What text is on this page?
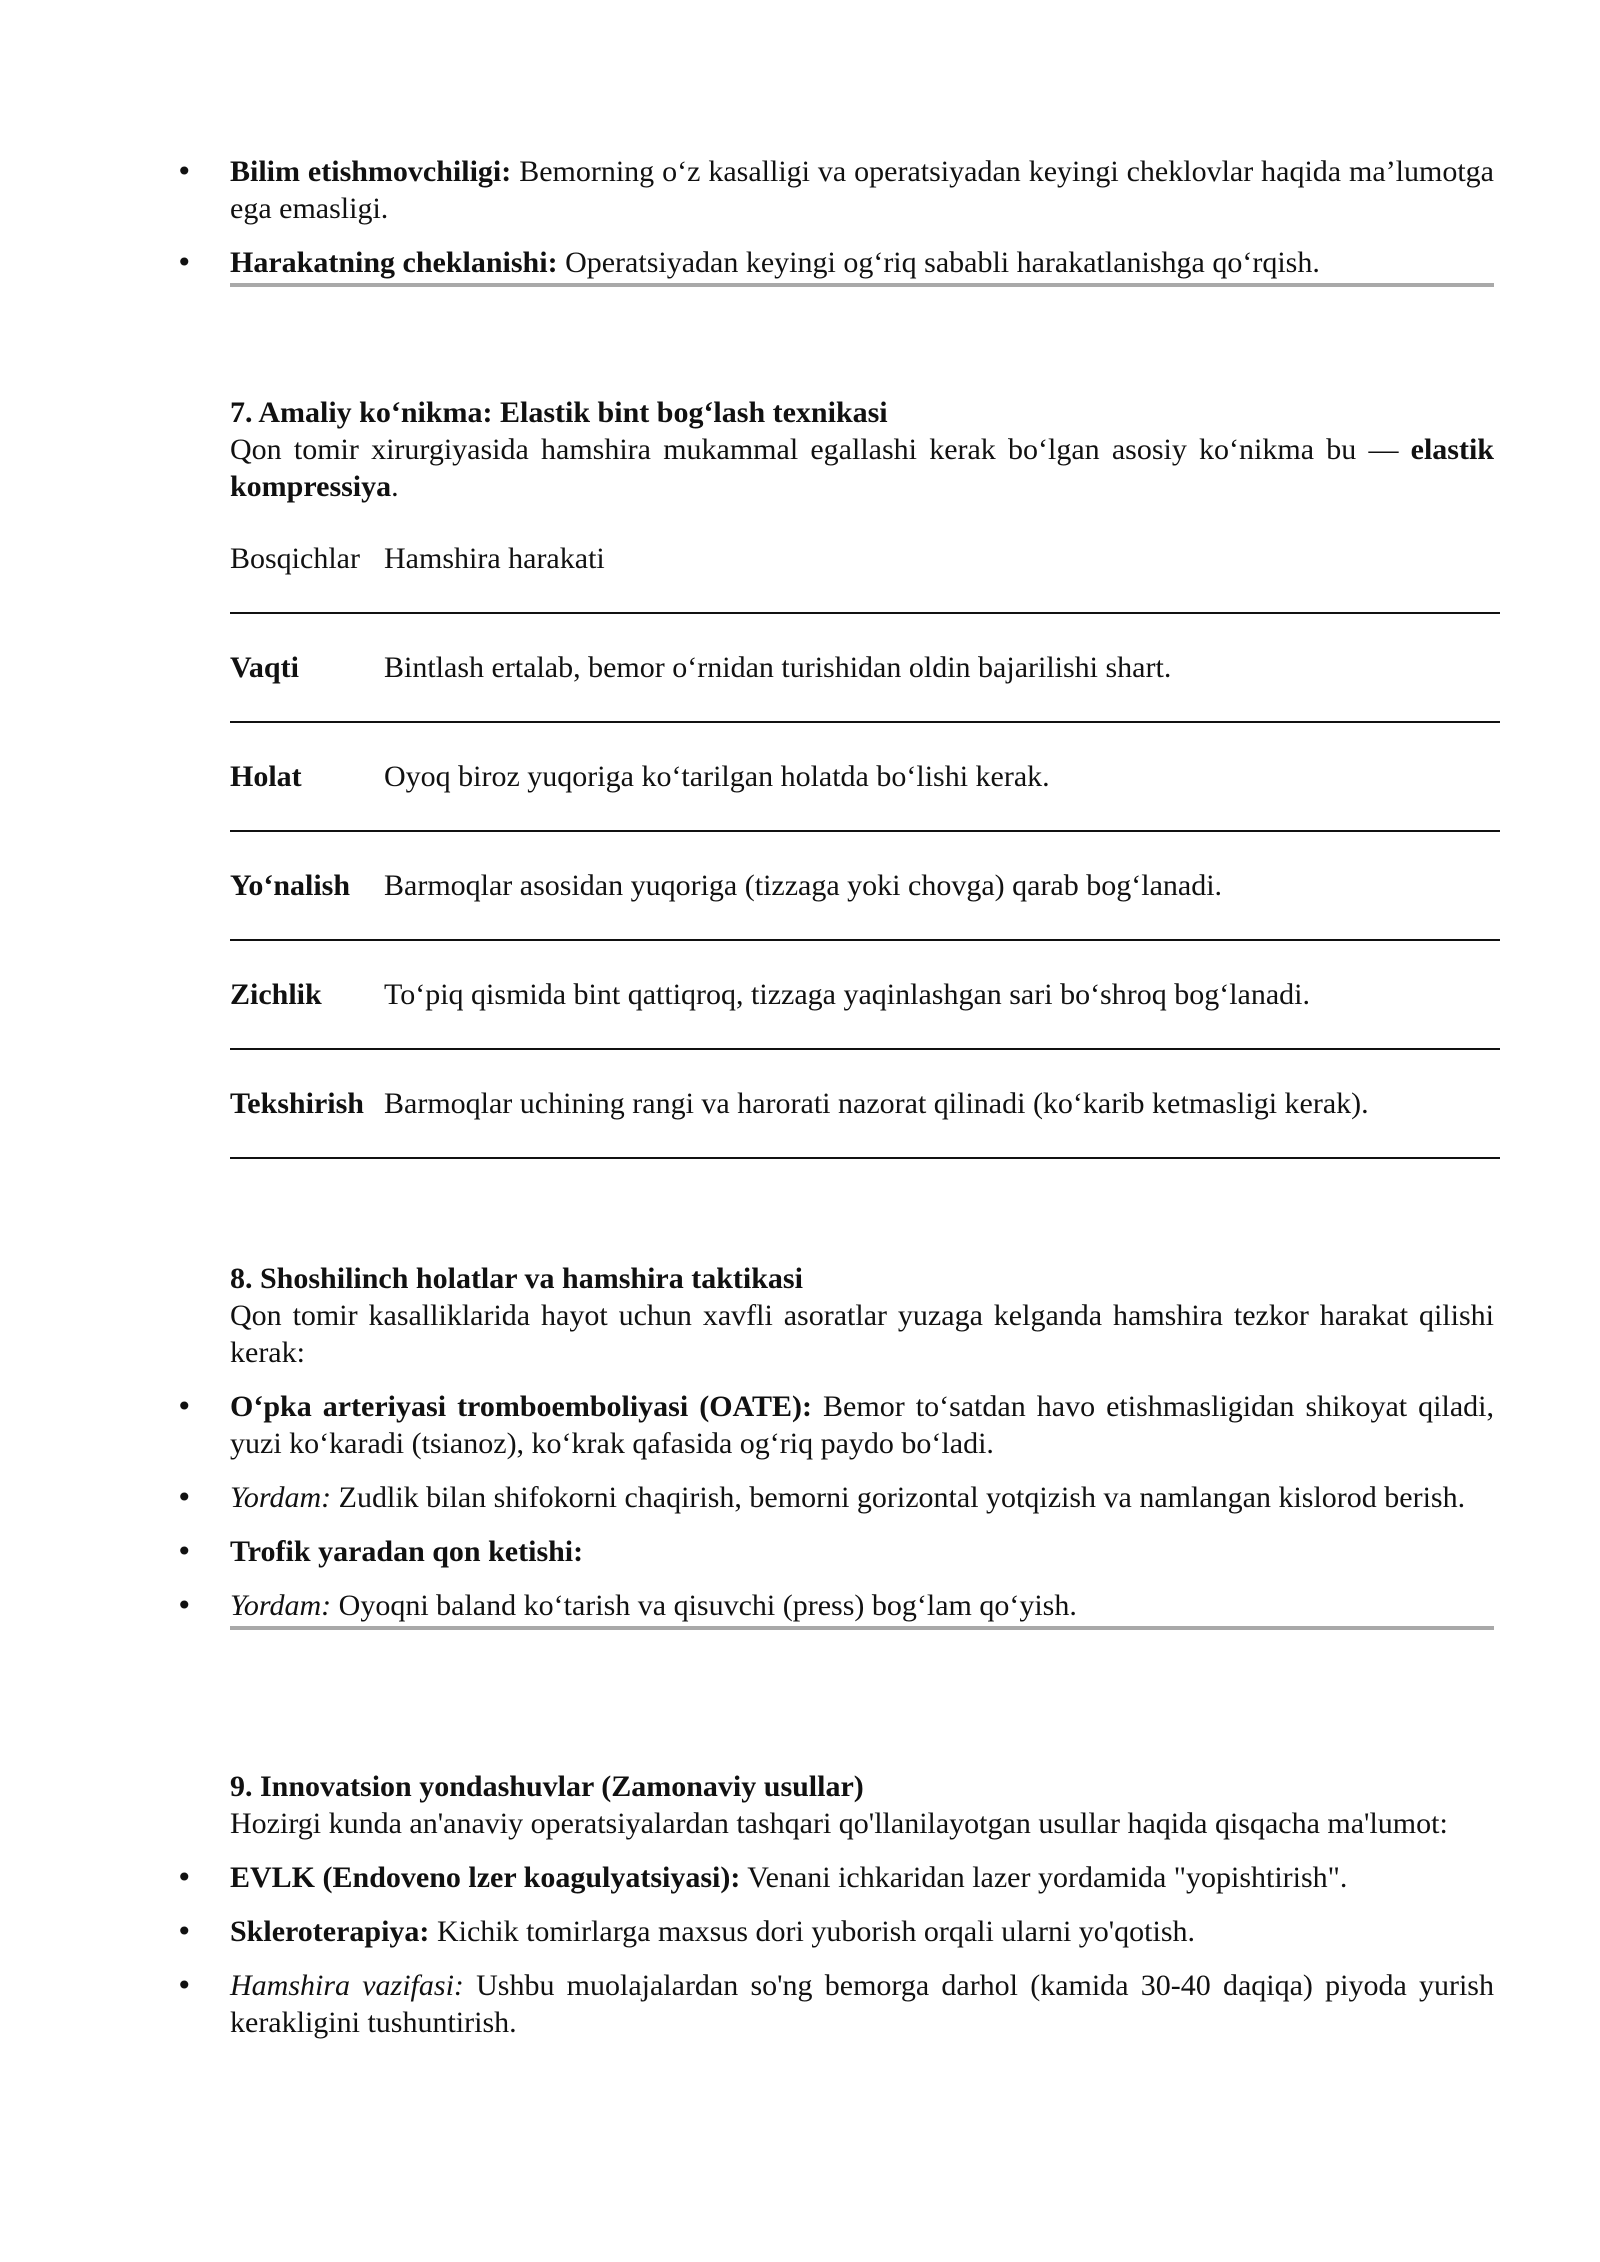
• Bilim etishmovchiligi: Bemorning o‘z kasalligi va operatsiyadan keyingi cheklovlar haqida ma’lumotga ega emasligi.
• Harakatning cheklanishi: Operatsiyadan keyingi og‘riq sababli harakatlanishga qo‘rqish.

7. Amaliy ko‘nikma: Elastik bint bog‘lash texnikasi

Qon tomir xirurgiyasida hamshira mukammal egallashi kerak bo‘lgan asosiy ko‘nikma bu — elastik kompressiya.

Bosqichlar	Hamshira harakati
Vaqti	Bintlash ertalab, bemor o‘rnidan turishidan oldin bajarilishi shart.
Holat	Oyoq biroz yuqoriga ko‘tarilgan holatda bo‘lishi kerak.
Yo‘nalish	Barmoqlar asosidan yuqoriga (tizzaga yoki chovga) qarab bog‘lanadi.
Zichlik	To‘piq qismida bint qattiqroq, tizzaga yaqinlashgan sari bo‘shroq bog‘lanadi.
Tekshirish	Barmoqlar uchining rangi va harorati nazorat qilinadi (ko‘karib ketmasligi kerak).

8. Shoshilinch holatlar va hamshira taktikasi

Qon tomir kasalliklarida hayot uchun xavfli asoratlar yuzaga kelganda hamshira tezkor harakat qilishi kerak:

• O‘pka arteriyasi tromboemboliyasi (OATE): Bemor to‘satdan havo etishmasligidan shikoyat qiladi, yuzi ko‘karadi (tsianoz), ko‘krak qafasida og‘riq paydo bo‘ladi.
• Yordam: Zudlik bilan shifokorni chaqirish, bemorni gorizontal yotqizish va namlangan kislorod berish.
• Trofik yaradan qon ketishi:
• Yordam: Oyoqni baland ko‘tarish va qisuvchi (press) bog‘lam qo‘yish.

9. Innovatsion yondashuvlar (Zamonaviy usullar)

Hozirgi kunda an'anaviy operatsiyalardan tashqari qo'llanilayotgan usullar haqida qisqacha ma'lumot:

• EVLK (Endoveno lzer koagulyatsiyasi): Venani ichkaridan lazer yordamida "yopishtirish".
• Skleroterapiya: Kichik tomirlarga maxsus dori yuborish orqali ularni yo'qotish.
• Hamshira vazifasi: Ushbu muolajalardan so'ng bemorga darhol (kamida 30-40 daqiqa) piyoda yurish kerakligini tushuntirish.
